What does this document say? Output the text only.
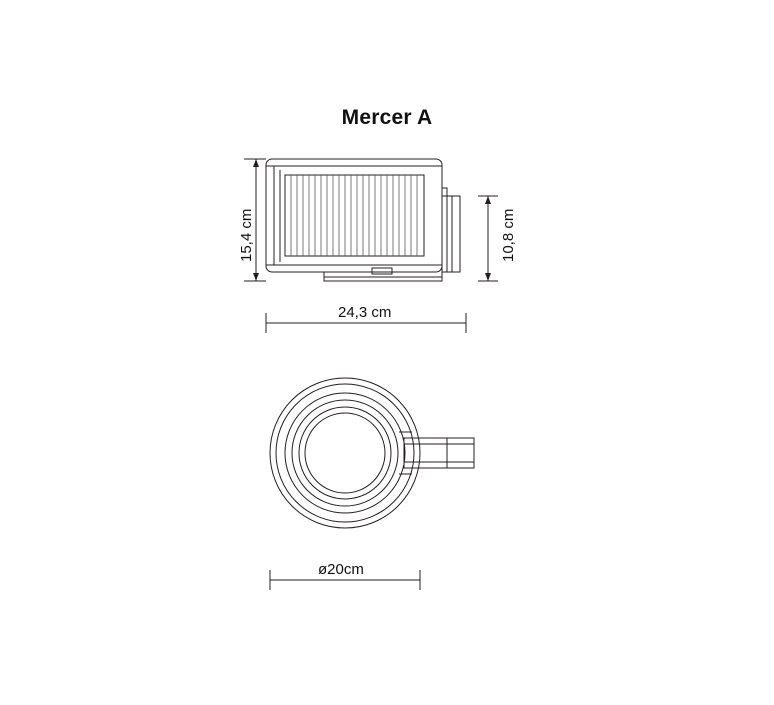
Mercer A
15,4 cm	10,8 cm
24,3 cm
ø20cm
